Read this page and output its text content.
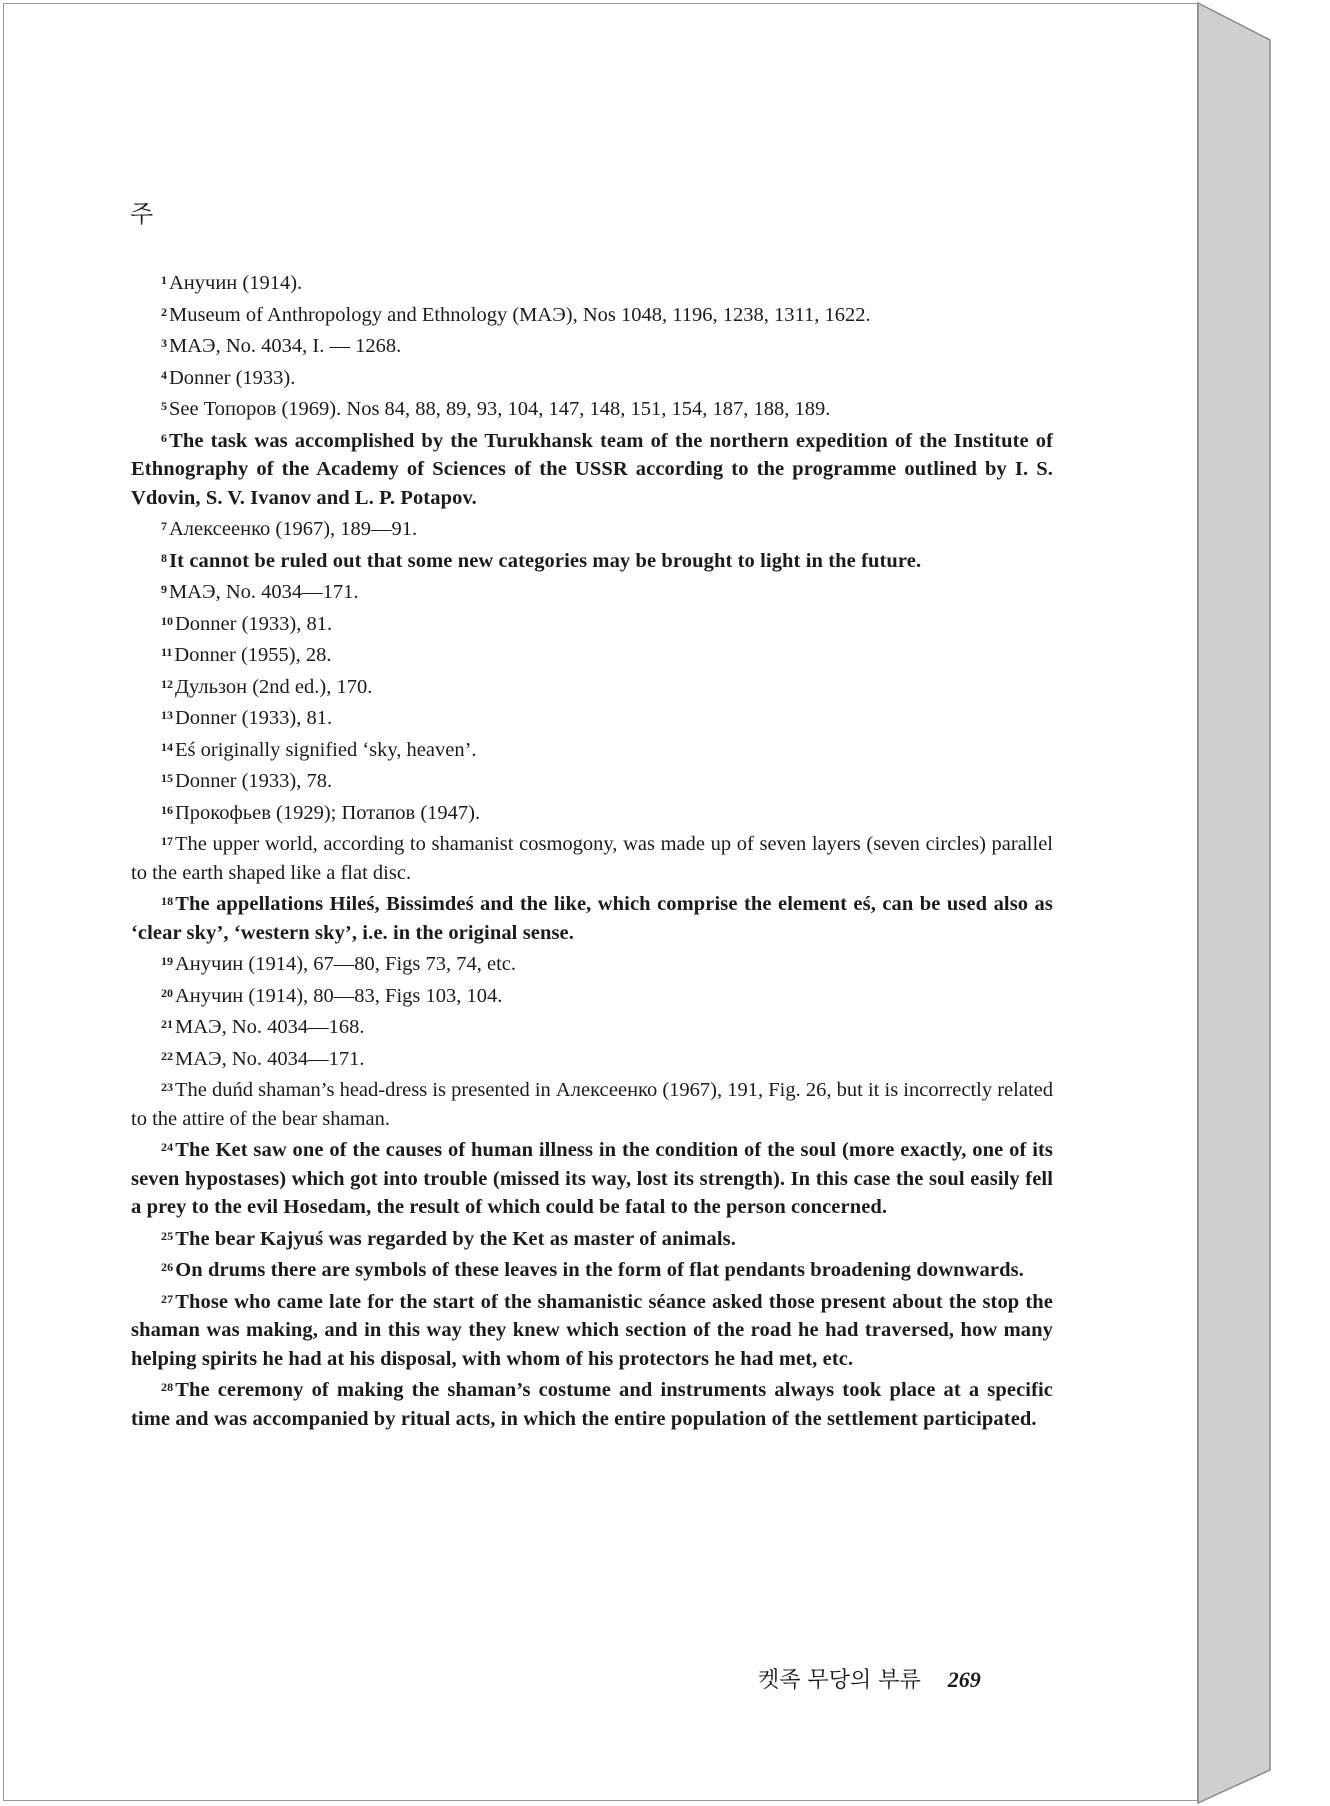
주

$^1$Анучин (1914).

$^2$Museum of Anthropology and Ethnology (MAЭ), Nos 1048, 1196, 1238, 1311, 1622.

$^3$MAЭ, No. 4034, I. — 1268.

$^4$Donner (1933).

$^5$See Топоров (1969). Nos 84, 88, 89, 93, 104, 147, 148, 151, 154, 187, 188, 189.

$^6$The task was accomplished by the Turukhansk team of the northern expedition of the Institute of Ethnography of the Academy of Sciences of the USSR according to the programme outlined by I. S. Vdovin, S. V. Ivanov and L. P. Potapov.

$^7$Алексеенко (1967), 189—91.

$^8$It cannot be ruled out that some new categories may be brought to light in the future.

$^9$MAЭ, No. 4034—171.

$^{10}$Donner (1933), 81.

$^{11}$Donner (1955), 28.

$^{12}$Дульзон (2nd ed.), 170.

$^{13}$Donner (1933), 81.

$^{14}$Eś originally signified ‘sky, heaven’.

$^{15}$Donner (1933), 78.

$^{16}$Прокофьев (1929); Потапов (1947).

$^{17}$The upper world, according to shamanist cosmogony, was made up of seven layers (seven circles) parallel to the earth shaped like a flat disc.

$^{18}$The appellations Hileś, Bissimdeś and the like, which comprise the element eś, can be used also as ‘clear sky’, ‘western sky’, i.e. in the original sense.

$^{19}$Анучин (1914), 67—80, Figs 73, 74, etc.

$^{20}$Анучин (1914), 80—83, Figs 103, 104.

$^{21}$MAЭ, No. 4034—168.

$^{22}$MAЭ, No. 4034—171.

$^{23}$The duńd shaman’s head-dress is presented in Алексеенко (1967), 191, Fig. 26, but it is incorrectly related to the attire of the bear shaman.

$^{24}$The Ket saw one of the causes of human illness in the condition of the soul (more exactly, one of its seven hypostases) which got into trouble (missed its way, lost its strength). In this case the soul easily fell a prey to the evil Hosedam, the result of which could be fatal to the person concerned.

$^{25}$The bear Kajyuś was regarded by the Ket as master of animals.

$^{26}$On drums there are symbols of these leaves in the form of flat pendants broadening downwards.

$^{27}$Those who came late for the start of the shamanistic séance asked those present about the stop the shaman was making, and in this way they knew which section of the road he had traversed, how many helping spirits he had at his disposal, with whom of his protectors he had met, etc.

$^{28}$The ceremony of making the shaman’s costume and instruments always took place at a specific time and was accompanied by ritual acts, in which the entire population of the settlement participated.

켓족 무당의 부류 269
